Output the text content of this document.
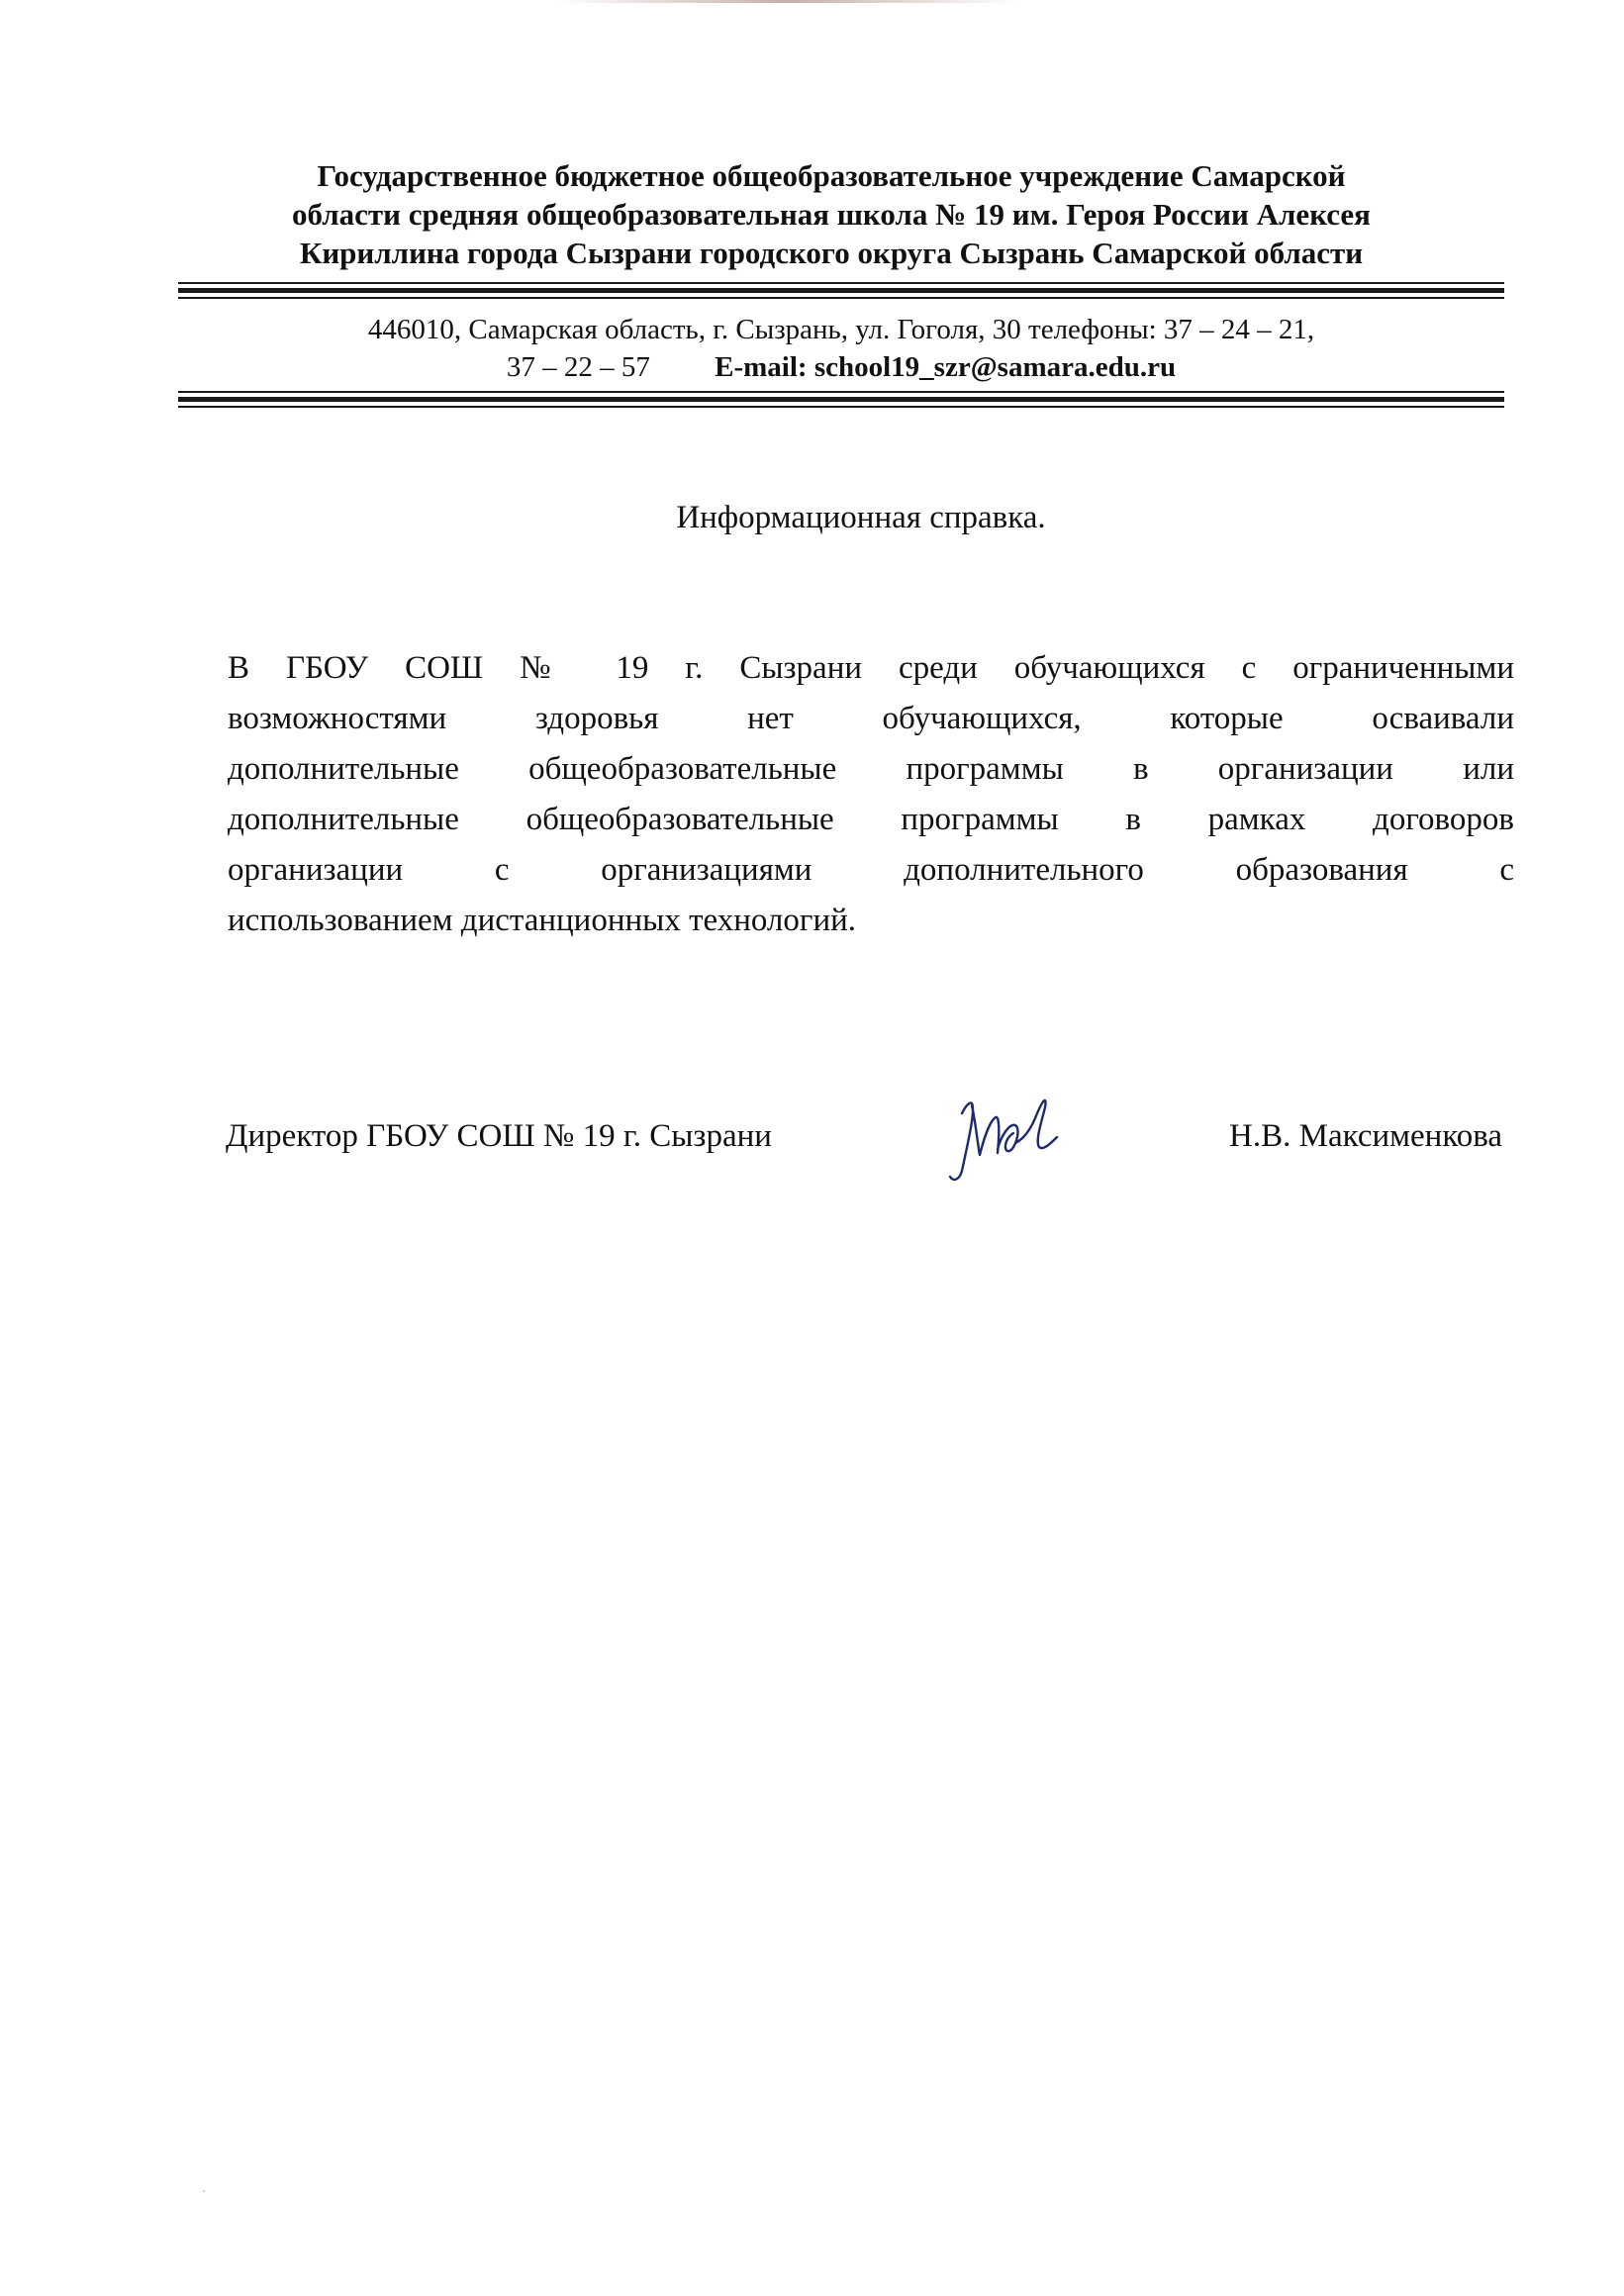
Государственное бюджетное общеобразовательное учреждение Самарской
области средняя общеобразовательная школа № 19 им. Героя России Алексея
Кириллина города Сызрани городского округа Сызрань Самарской области
446010, Самарская область, г. Сызрань, ул. Гоголя, 30 телефоны: 37 – 24 – 21,
37 – 22 – 57 E-mail: school19_szr@samara.edu.ru
Информационная справка.
В ГБОУ СОШ № 19 г. Сызрани среди обучающихся с ограниченными
возможностями здоровья нет обучающихся, которые осваивали
дополнительные общеобразовательные программы в организации или
дополнительные общеобразовательные программы в рамках договоров
организации с организациями дополнительного образования с
использованием дистанционных технологий.
Директор ГБОУ СОШ № 19 г. Сызрани	Н.В. Максименкова
